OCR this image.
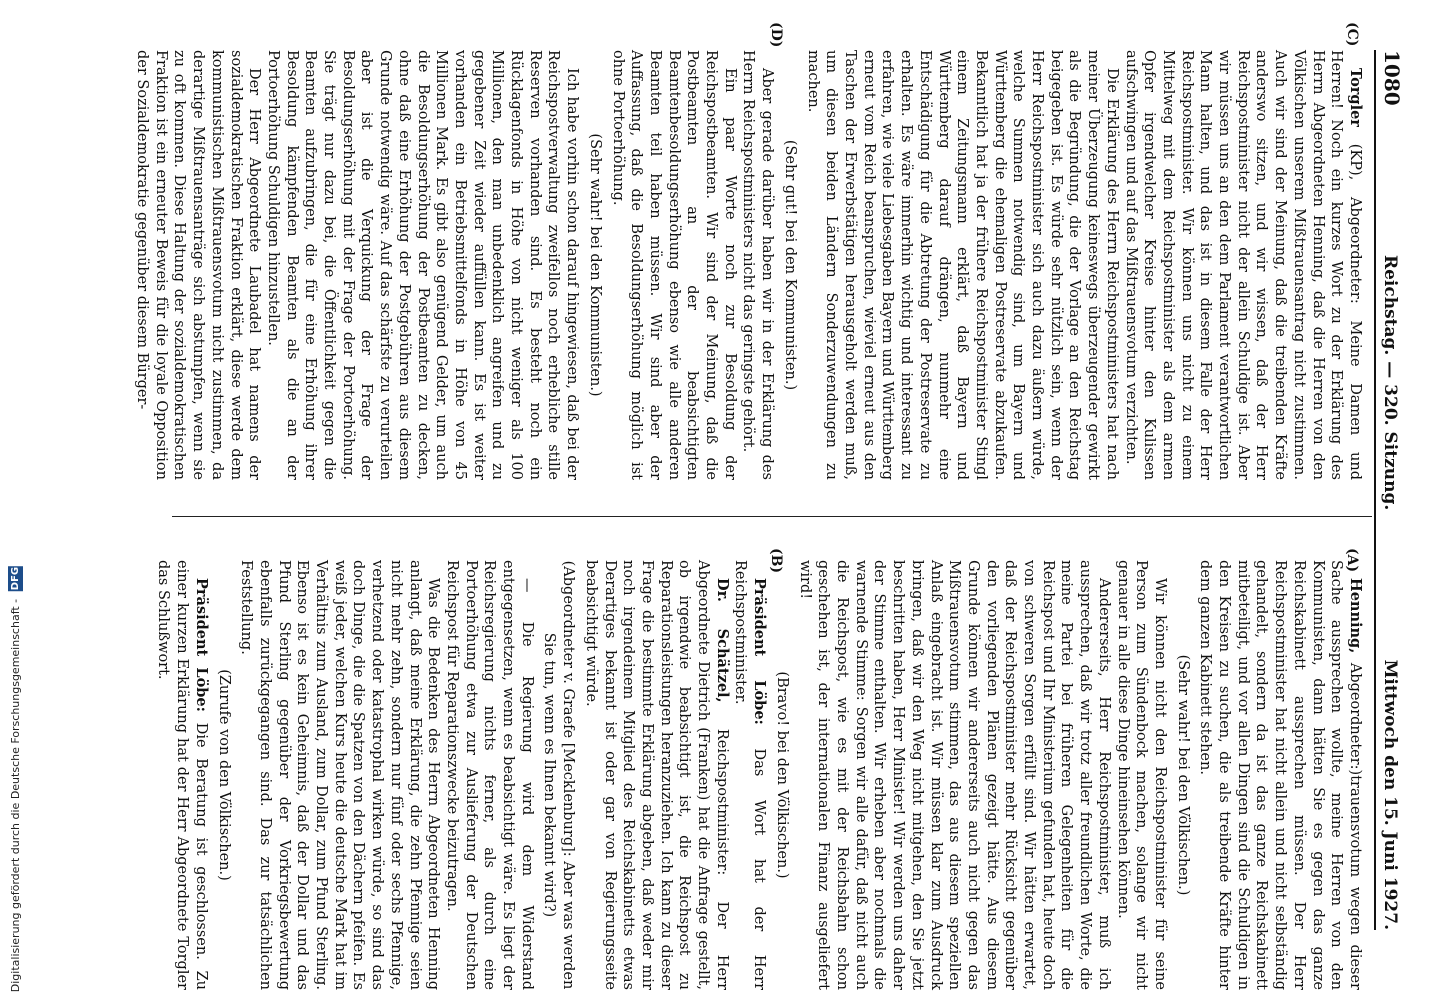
1080
Reichstag. — 320. Sitzung.
Mittwoch den 15. Juni 1927.
(A)
(B)
(C)
(D)

Henning, Abgeordneter:)trauensvotum wegen dieser Sache aussprechen wollte, meine Herren von den Kommunisten, dann hätten Sie es gegen das ganze Reichskabinett aussprechen müssen. Der Herr Reichspostminister hat nicht allein und nicht selbständig gehandelt, sondern da ist das ganze Reichskabinett mitbeteiligt, und vor allen Dingen sind die Schuldigen in den Kreisen zu suchen, die als treibende Kräfte hinter dem ganzen Kabinett stehen.

(Sehr wahr! bei den Völkischen.)

Wir können nicht den Reichspostminister für seine Person zum Sündenbock machen, solange wir nicht genauer in alle diese Dinge hineinsehen können.

Andererseits, Herr Reichspostminister, muß ich aussprechen, daß wir trotz aller freundlichen Worte, die meine Partei bei früheren Gelegenheiten für die Reichspost und Ihr Ministerium gefunden hat, heute doch von schweren Sorgen erfüllt sind. Wir hätten erwartet, daß der Reichspostminister mehr Rücksicht gegenüber den vorliegenden Plänen gezeigt hätte. Aus diesem Grunde können wir andererseits auch nicht gegen das Mißtrauensvotum stimmen, das aus diesem speziellen Anlaß eingebracht ist. Wir müssen klar zum Ausdruck bringen, daß wir den Weg nicht mitgehen, den Sie jetzt beschritten haben, Herr Minister! Wir werden uns daher der Stimme enthalten. Wir erheben aber nochmals die warnende Stimme: Sorgen wir alle dafür, daß nicht auch die Reichspost, wie es mit der Reichsbahn schon geschehen ist, der internationalen Finanz ausgeliefert wird!

(Bravo! bei den Völkischen.)

Präsident Löbe: Das Wort hat der Herr Reichspostminister.

Dr. Schätzel, Reichspostminister: Der Herr Abgeordnete Dietrich (Franken) hat die Anfrage gestellt, ob irgendwie beabsichtigt ist, die Reichspost zu Reparationsleistungen heranzuziehen. Ich kann zu dieser Frage die bestimmte Erklärung abgeben, daß weder mir noch irgendeinem Mitglied des Reichskabinetts etwas Derartiges bekannt ist oder gar von Regierungsseite beabsichtigt würde.

(Abgeordneter v. Graefe [Mecklenburg]: Aber was werden Sie tun, wenn es Ihnen bekannt wird?)

— Die Regierung wird dem Widerstand entgegensetzen, wenn es beabsichtigt wäre. Es liegt der Reichsregierung nichts ferner, als durch eine Portoerhöhung etwa zur Auslieferung der Deutschen Reichspost für Reparationszwecke beizutragen.

Was die Bedenken des Herrn Abgeordneten Henning anlangt, daß meine Erklärung, die zehn Pfennige seien nicht mehr zehn, sondern nur fünf oder sechs Pfennige, verhetzend oder katastrophal wirken würde, so sind das doch Dinge, die die Spatzen von den Dächern pfeifen. Es weiß jeder, welchen Kurs heute die deutsche Mark hat im Verhältnis zum Ausland, zum Dollar, zum Pfund Sterling. Ebenso ist es kein Geheimnis, daß der Dollar und das Pfund Sterling gegenüber der Vorkriegsbewertung ebenfalls zurückgegangen sind. Das zur tatsächlichen Feststellung.

(Zurufe von den Völkischen.)

Präsident Löbe: Die Beratung ist geschlossen. Zu einer kurzen Erklärung hat der Herr Abgeordnete Torgler das Schlußwort.

Torgler (KP), Abgeordneter: Meine Damen und Herren! Noch ein kurzes Wort zu der Erklärung des Herrn Abgeordneten Henning, daß die Herren von den Völkischen unserem Mißtrauensantrag nicht zustimmen. Auch wir sind der Meinung, daß die treibenden Kräfte anderswo sitzen, und wir wissen, daß der Herr Reichspostminister nicht der allein Schuldige ist. Aber wir müssen uns an den dem Parlament verantwortlichen Mann halten, und das ist in diesem Falle der Herr Reichspostminister. Wir können uns nicht zu einem Mittelweg mit dem Reichspostminister als dem armen Opfer irgendwelcher Kreise hinter den Kulissen aufschwingen und auf das Mißtrauensvotum verzichten.

Die Erklärung des Herrn Reichspostministers hat nach meiner Überzeugung keineswegs überzeugender gewirkt als die Begründung, die der Vorlage an den Reichstag beigegeben ist. Es würde sehr nützlich sein, wenn der Herr Reichspostminister sich auch dazu äußern würde, welche Summen notwendig sind, um Bayern und Württemberg die ehemaligen Postreservate abzukaufen. Bekanntlich hat ja der frühere Reichspostminister Stingl einem Zeitungsmann erklärt, daß Bayern und Württemberg darauf drängen, nunmehr eine Entschädigung für die Abtretung der Postreservate zu erhalten. Es wäre immerhin wichtig und interessant zu erfahren, wie viele Liebesgaben Bayern und Württemberg erneut vom Reich beanspruchen, wieviel erneut aus den Taschen der Erwerbstätigen herausgeholt werden muß, um diesen beiden Ländern Sonderzuwendungen zu machen.

(Sehr gut! bei den Kommunisten.)

Aber gerade darüber haben wir in der Erklärung des Herrn Reichspostministers nicht das geringste gehört.

Ein paar Worte noch zur Besoldung der Reichspostbeamten. Wir sind der Meinung, daß die Postbeamten an der beabsichtigten Beamtenbesoldungserhöhung ebenso wie alle anderen Beamten teil haben müssen. Wir sind aber der Auffassung, daß die Besoldungserhöhung möglich ist ohne Portoerhöhung.

(Sehr wahr! bei den Kommunisten.)

Ich habe vorhin schon darauf hingewiesen, daß bei der Reichspostverwaltung zweifellos noch erhebliche stille Reserven vorhanden sind. Es besteht noch ein Rücklagenfonds in Höhe von nicht weniger als 100 Millionen, den man unbedenklich angreifen und zu gegebener Zeit wieder auffüllen kann. Es ist weiter vorhanden ein Betriebsmittelfonds in Höhe von 45 Millionen Mark. Es gibt also genügend Gelder, um auch die Besoldungserhöhung der Postbeamten zu decken, ohne daß eine Erhöhung der Postgebühren aus diesem Grunde notwendig wäre. Auf das schärfste zu verurteilen aber ist die Verquickung der Frage der Besoldungserhöhung mit der Frage der Portoerhöhung. Sie trägt nur dazu bei, die Öffentlichkeit gegen die Beamten aufzubringen, die für eine Erhöhung ihrer Besoldung kämpfenden Beamten als die an der Portoerhöhung Schuldigen hinzustellen.

Der Herr Abgeordnete Laubadel hat namens der sozialdemokratischen Fraktion erklärt, diese werde dem kommunistischen Mißtrauensvotum nicht zustimmen, da derartige Mißtrauensanträge sich abstumpfen, wenn sie zu oft kommen. Diese Haltung der sozialdemokratischen Fraktion ist ein erneuter Beweis für die loyale Opposition der Sozialdemokratie gegenüber diesem Bürger-

Digitalisierung gefördert durch die Deutsche Forschungsgemeinschaft - DFG
